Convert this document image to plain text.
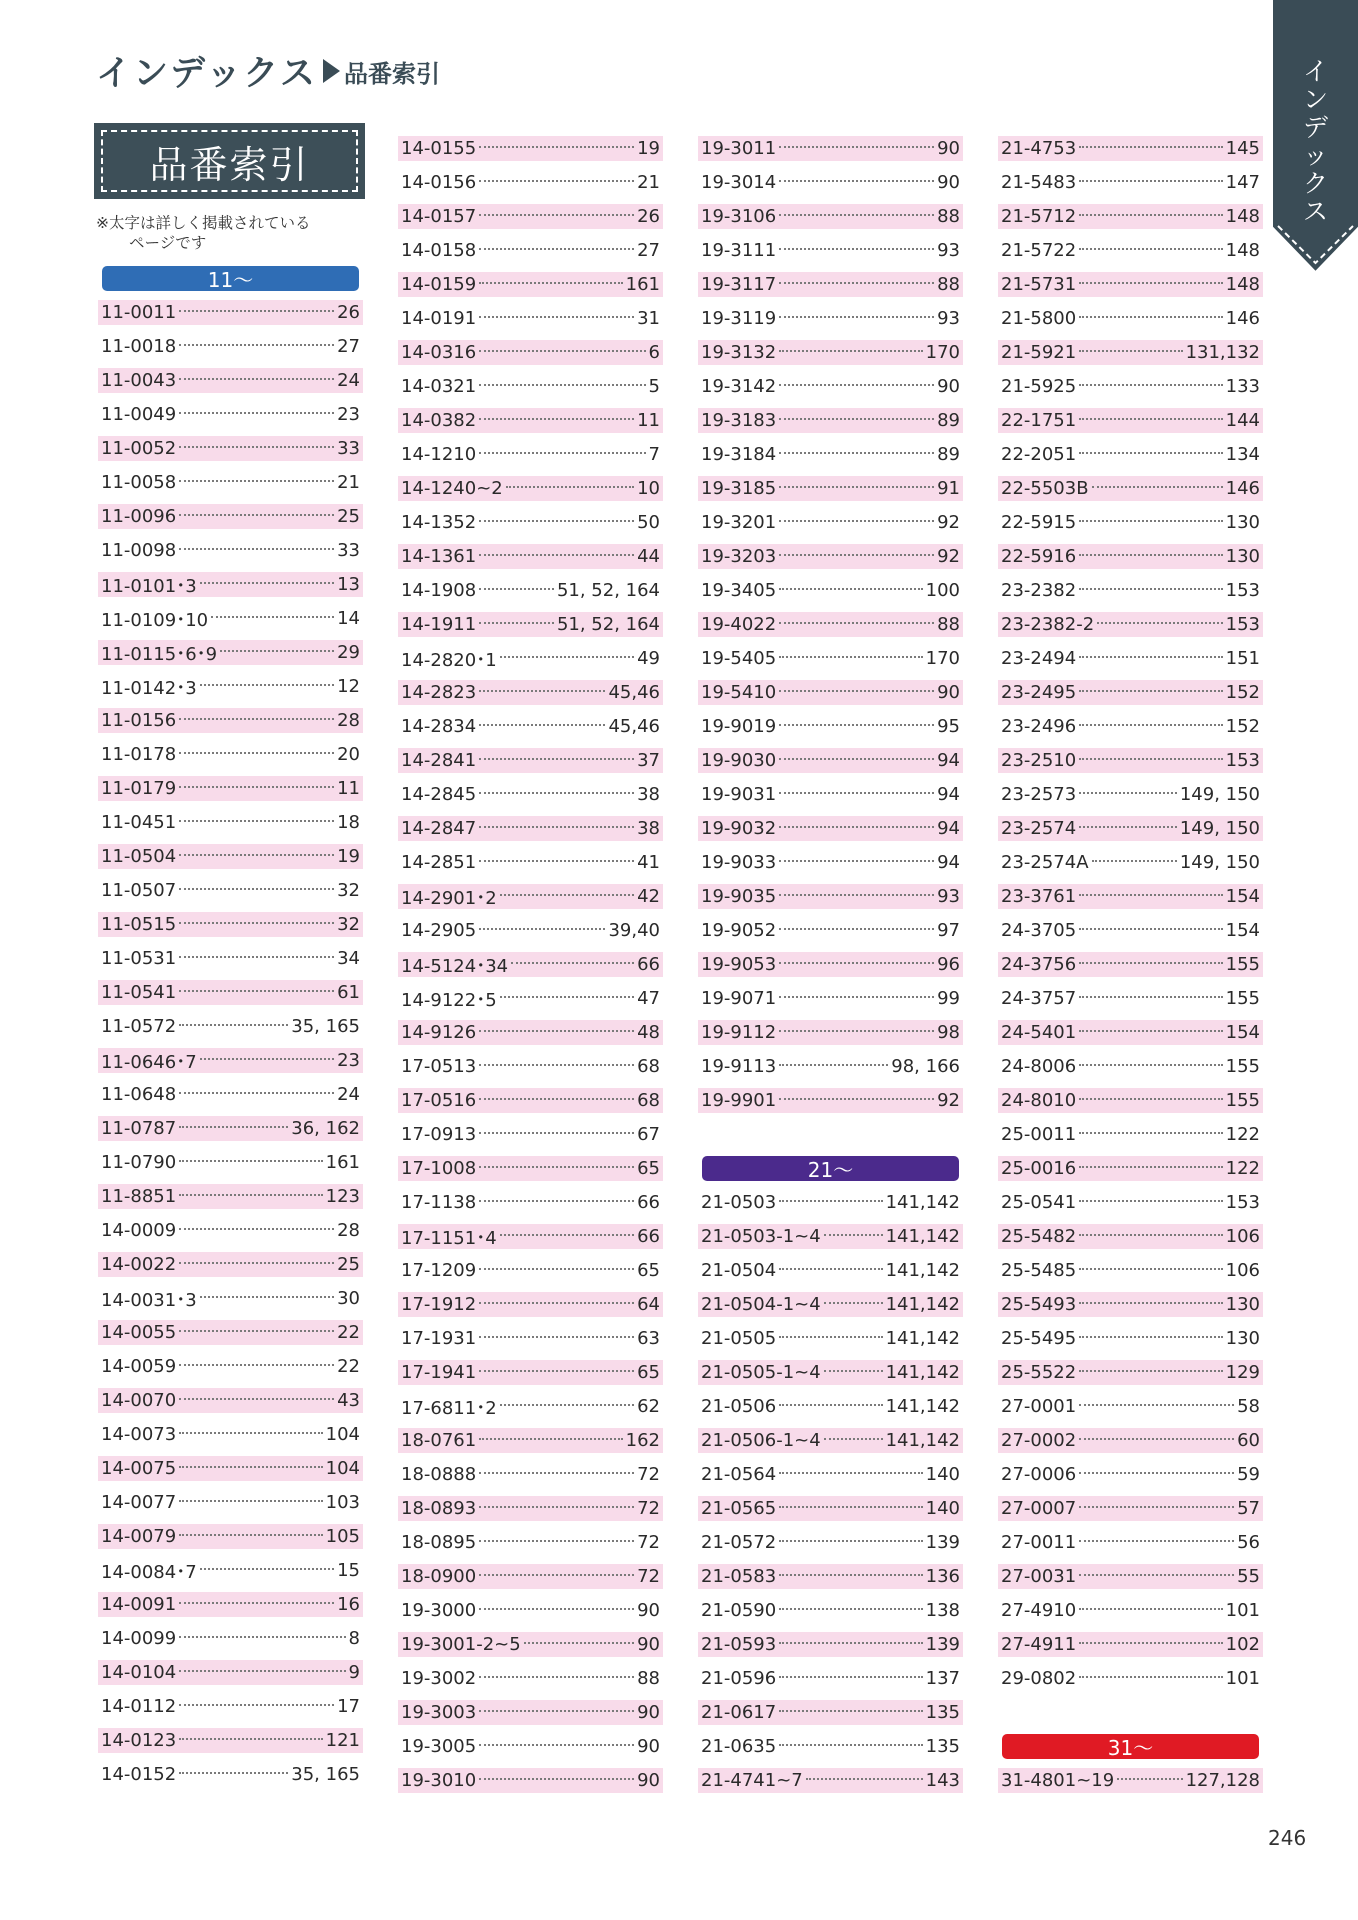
インデックス 品番索引	イ
ン
デ
ッ
ク
ス
品番索引
※太字は詳しく掲載されている
ページです
11～
11-0011	26
11-0018	27
11-0043	24
11-0049	23
11-0052	33
11-0058	21
11-0096	25
11-0098	33
11-0101･3	13
11-0109･10	14
11-0115･6･9	29
11-0142･3	12
11-0156	28
11-0178	20
11-0179	11
11-0451	18
11-0504	19
11-0507	32
11-0515	32
11-0531	34
11-0541	61
11-0572	35, 165
11-0646･7	23
11-0648	24
11-0787	36, 162
11-0790	161
11-8851	123
14-0009	28
14-0022	25
14-0031･3	30
14-0055	22
14-0059	22
14-0070	43
14-0073	104
14-0075	104
14-0077	103
14-0079	105
14-0084･7	15
14-0091	16
14-0099	8
14-0104	9
14-0112	17
14-0123	121
14-0152	35, 165
14-0155	19
14-0156	21
14-0157	26
14-0158	27
14-0159	161
14-0191	31
14-0316	6
14-0321	5
14-0382	11
14-1210	7
14-1240~2	10
14-1352	50
14-1361	44
14-1908	51, 52, 164
14-1911	51, 52, 164
14-2820･1	49
14-2823	45,46
14-2834	45,46
14-2841	37
14-2845	38
14-2847	38
14-2851	41
14-2901･2	42
14-2905	39,40
14-5124･34	66
14-9122･5	47
14-9126	48
17-0513	68
17-0516	68
17-0913	67
17-1008	65
17-1138	66
17-1151･4	66
17-1209	65
17-1912	64
17-1931	63
17-1941	65
17-6811･2	62
18-0761	162
18-0888	72
18-0893	72
18-0895	72
18-0900	72
19-3000	90
19-3001-2~5	90
19-3002	88
19-3003	90
19-3005	90
19-3010	90
19-3011	90
19-3014	90
19-3106	88
19-3111	93
19-3117	88
19-3119	93
19-3132	170
19-3142	90
19-3183	89
19-3184	89
19-3185	91
19-3201	92
19-3203	92
19-3405	100
19-4022	88
19-5405	170
19-5410	90
19-9019	95
19-9030	94
19-9031	94
19-9032	94
19-9033	94
19-9035	93
19-9052	97
19-9053	96
19-9071	99
19-9112	98
19-9113	98, 166
19-9901	92
21～
21-0503	141,142
21-0503-1~4	141,142
21-0504	141,142
21-0504-1~4	141,142
21-0505	141,142
21-0505-1~4	141,142
21-0506	141,142
21-0506-1~4	141,142
21-0564	140
21-0565	140
21-0572	139
21-0583	136
21-0590	138
21-0593	139
21-0596	137
21-0617	135
21-0635	135
21-4741~7	143
21-4753	145
21-5483	147
21-5712	148
21-5722	148
21-5731	148
21-5800	146
21-5921	131,132
21-5925	133
22-1751	144
22-2051	134
22-5503B	146
22-5915	130
22-5916	130
23-2382	153
23-2382-2	153
23-2494	151
23-2495	152
23-2496	152
23-2510	153
23-2573	149, 150
23-2574	149, 150
23-2574A	149, 150
23-3761	154
24-3705	154
24-3756	155
24-3757	155
24-5401	154
24-8006	155
24-8010	155
25-0011	122
25-0016	122
25-0541	153
25-5482	106
25-5485	106
25-5493	130
25-5495	130
25-5522	129
27-0001	58
27-0002	60
27-0006	59
27-0007	57
27-0011	56
27-0031	55
27-4910	101
27-4911	102
29-0802	101
31～
31-4801~19	127,128
246
